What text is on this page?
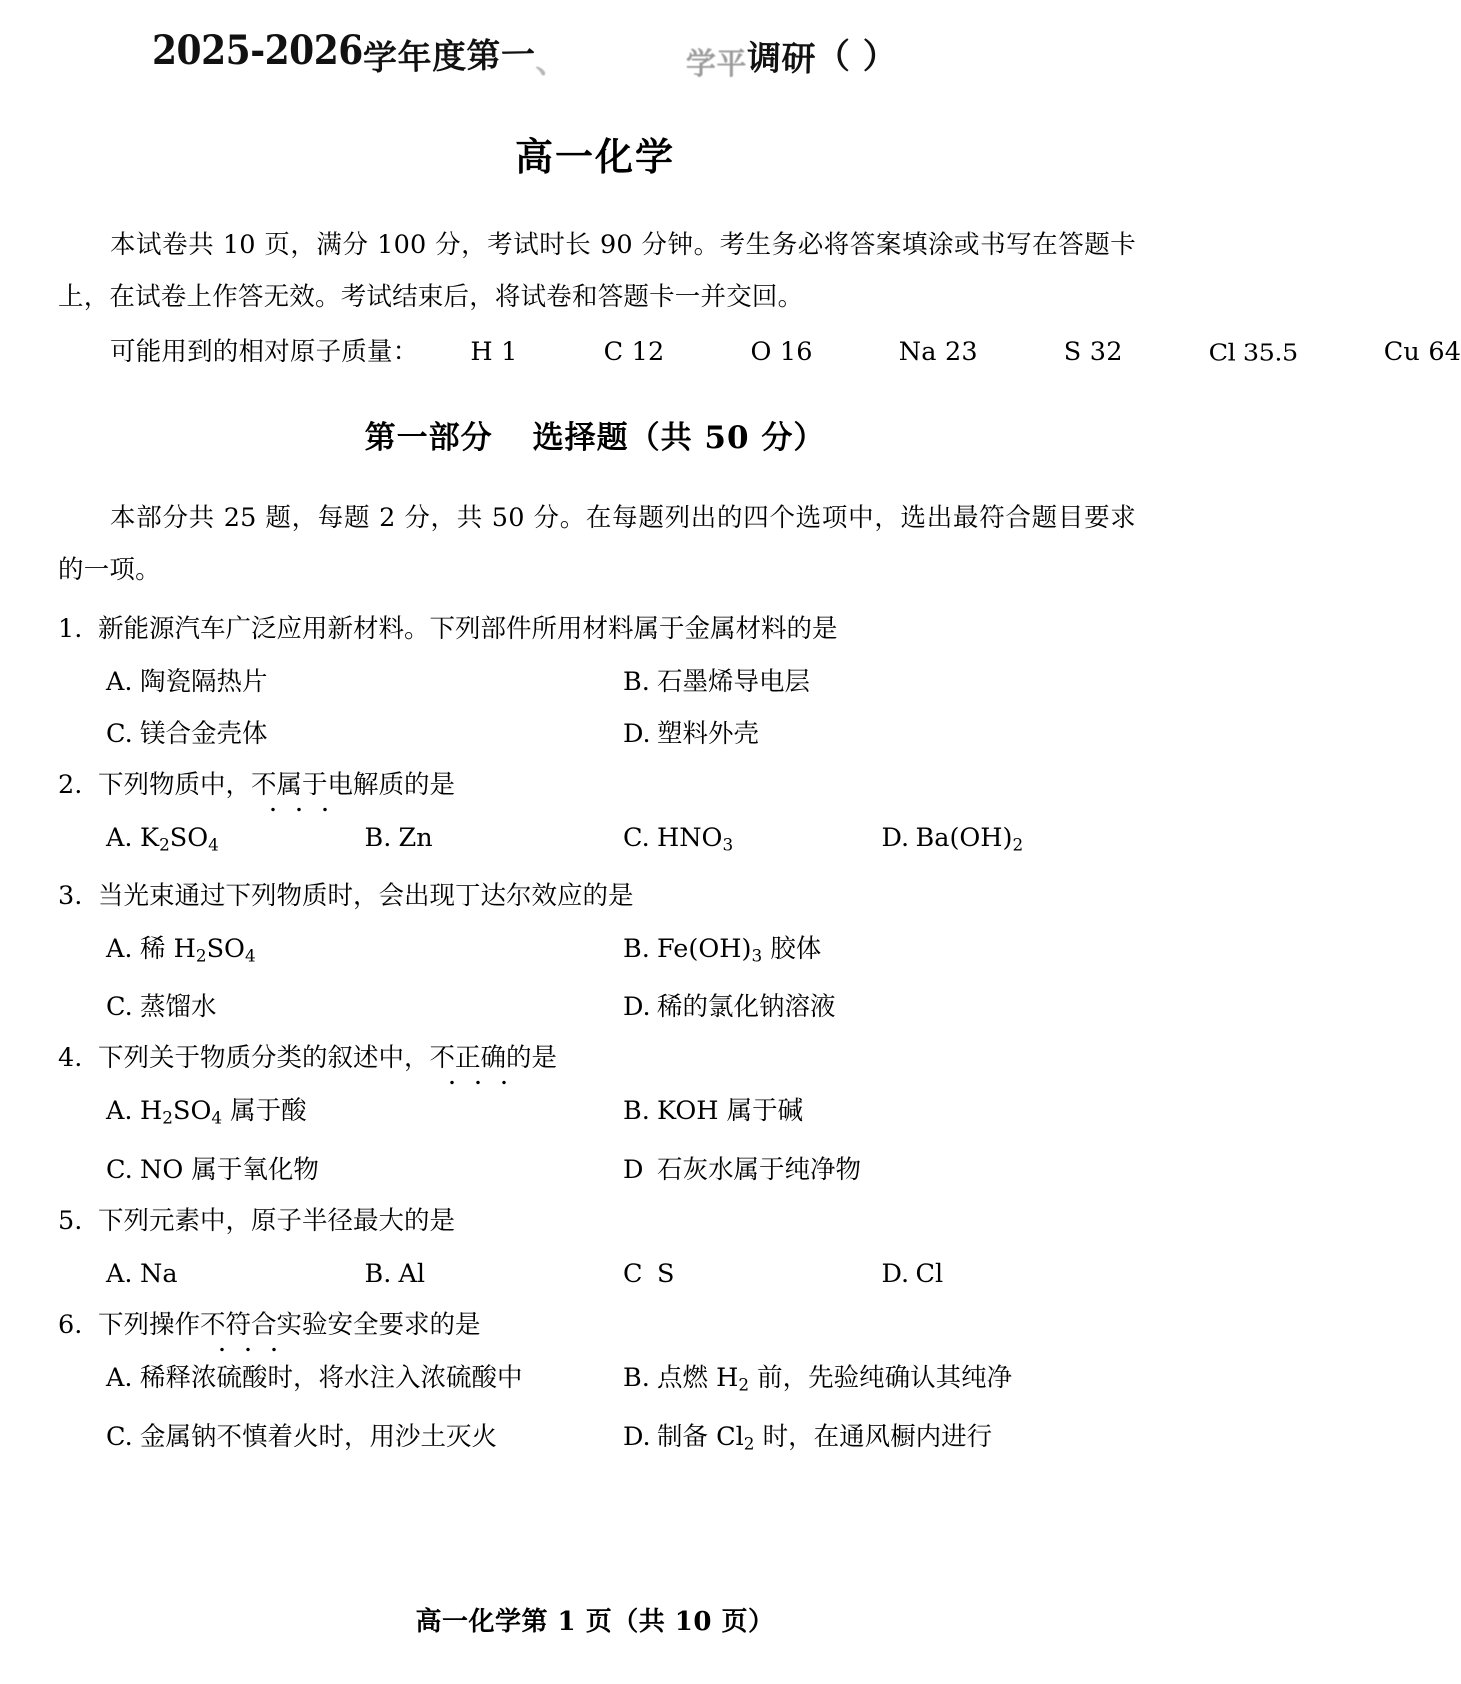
2025-2026学年度第一、	学平调研（ ）
高一化学
本试卷共 10 页，满分 100 分，考试时长 90 分钟。考生务必将答案填涂或书写在答题卡上，在试卷上作答无效。考试结束后，将试卷和答题卡一并交回。
可能用到的相对原子质量： H 1	C 12	O 16	Na 23	S 32	Cl 35.5	Cu 64
第一部分 选择题（共 50 分）
本部分共 25 题，每题 2 分，共 50 分。在每题列出的四个选项中，选出最符合题目要求的一项。
1. 新能源汽车广泛应用新材料。下列部件所用材料属于金属材料的是
A. 陶瓷隔热片	B. 石墨烯导电层
C. 镁合金壳体	D. 塑料外壳
2. 下列物质中，不属于电解质的是
A. $K_2SO_4$	B. Zn	C. $HNO_3$	D. $Ba(OH)_2$
3. 当光束通过下列物质时，会出现丁达尔效应的是
A. 稀 $H_2SO_4$	B. $Fe(OH)_3$ 胶体
C. 蒸馏水	D. 稀的氯化钠溶液
4. 下列关于物质分类的叙述中，不正确的是
A. $H_2SO_4$ 属于酸	B. KOH 属于碱
C. NO 属于氧化物	D 石灰水属于纯净物
5. 下列元素中，原子半径最大的是
A. Na	B. Al	C S	D. Cl
6. 下列操作不符合实验安全要求的是
A. 稀释浓硫酸时，将水注入浓硫酸中	B. 点燃 $H_2$ 前，先验纯确认其纯净
C. 金属钠不慎着火时，用沙土灭火	D. 制备 $Cl_2$ 时，在通风橱内进行
高一化学第 1 页（共 10 页）
